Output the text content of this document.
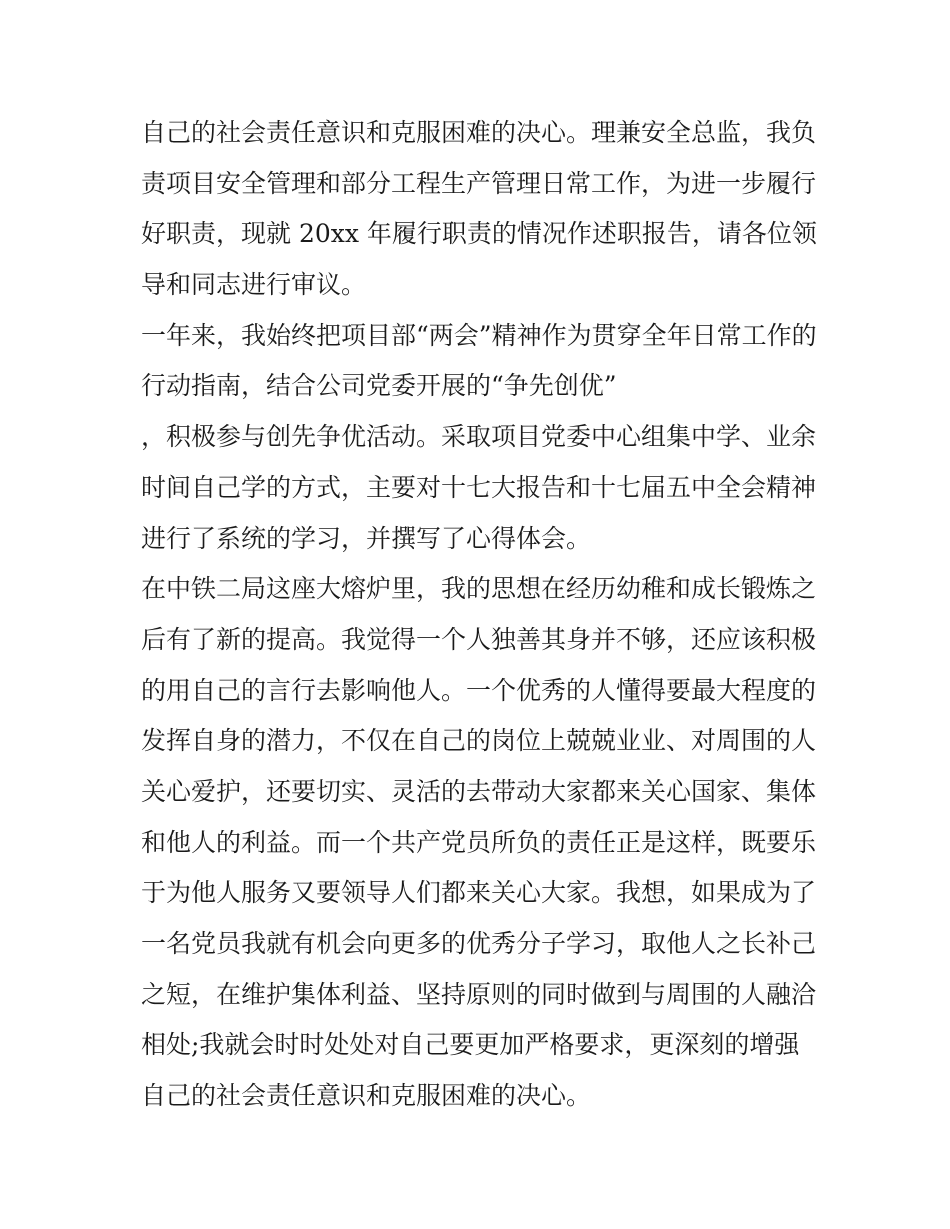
自己的社会责任意识和克服困难的决心。理兼安全总监，我负
责项目安全管理和部分工程生产管理日常工作，为进一步履行
好职责，现就 20xx 年履行职责的情况作述职报告，请各位领
导和同志进行审议。
一年来，我始终把项目部“两会”精神作为贯穿全年日常工作的
行动指南，结合公司党委开展的“争先创优”
，积极参与创先争优活动。采取项目党委中心组集中学、业余
时间自己学的方式，主要对十七大报告和十七届五中全会精神
进行了系统的学习，并撰写了心得体会。
在中铁二局这座大熔炉里，我的思想在经历幼稚和成长锻炼之
后有了新的提高。我觉得一个人独善其身并不够，还应该积极
的用自己的言行去影响他人。一个优秀的人懂得要最大程度的
发挥自身的潜力，不仅在自己的岗位上兢兢业业、对周围的人
关心爱护，还要切实、灵活的去带动大家都来关心国家、集体
和他人的利益。而一个共产党员所负的责任正是这样，既要乐
于为他人服务又要领导人们都来关心大家。我想，如果成为了
一名党员我就有机会向更多的优秀分子学习，取他人之长补己
之短，在维护集体利益、坚持原则的同时做到与周围的人融洽
相处;我就会时时处处对自己要更加严格要求，更深刻的增强
自己的社会责任意识和克服困难的决心。
